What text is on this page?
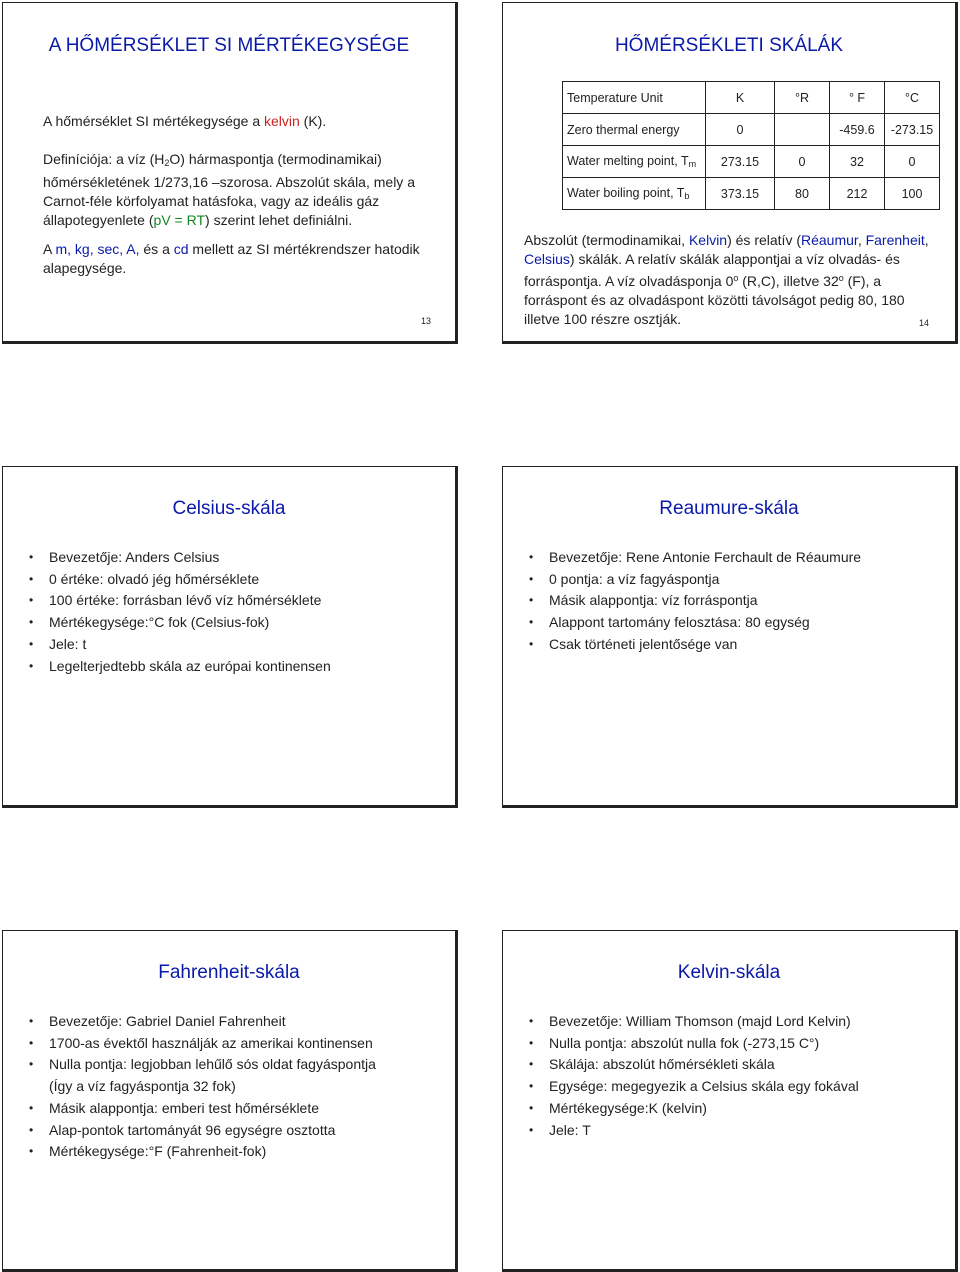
A HŐMÉRSÉKLET SI MÉRTÉKEGYSÉGE

A hőmérséklet SI mértékegysége a kelvin (K).

Definíciója: a víz $(H_2O)$ hármaspontja (termodinamikai) hőmérsékletének 1/273,16 –szorosa. Abszolút skála, mely a Carnot-féle körfolyamat hatásfoka, vagy az ideális gáz állapotegyenlete (pV = RT) szerint lehet definiálni.

A m, kg, sec, A, és a cd mellett az SI mértékrendszer hatodik alapegysége.

13
HŐMÉRSÉKLETI SKÁLÁK
Temperature Unit	K	°R	° F	°C
Zero thermal energy	0		-459.6	-273.15
Water melting point, $T_m$	273.15	0	32	0
Water boiling point, $T_b$	373.15	80	212	100

Abszolút (termodinamikai, Kelvin) és relatív (Réaumur, Farenheit, Celsius) skálák. A relatív skálák alappontjai a víz olvadás- és forráspontja. A víz olvadásponja 0$^o$ (R,C), illetve 32$^o$ (F), a forráspont és az olvadáspont közötti távolságot pedig 80, 180 illetve 100 részre osztják.	14
Celsius-skála
• Bevezetője: Anders Celsius
• 0 értéke: olvadó jég hőmérséklete
• 100 értéke: forrásban lévő víz hőmérséklete
• Mértékegysége:°C fok (Celsius-fok)
• Jele: t
• Legelterjedtebb skála az európai kontinensen
Reaumure-skála
• Bevezetője: Rene Antonie Ferchault de Réaumure
• 0 pontja: a víz fagyáspontja
• Másik alappontja: víz forráspontja
• Alappont tartomány felosztása: 80 egység
• Csak történeti jelentősége van
Fahrenheit-skála
• Bevezetője: Gabriel Daniel Fahrenheit
• 1700-as évektől használják az amerikai kontinensen
• Nulla pontja: legjobban lehűlő sós oldat fagyáspontja
(Így a víz fagyáspontja 32 fok)
• Másik alappontja: emberi test hőmérséklete
• Alap-pontok tartományát 96 egységre osztotta
• Mértékegysége:°F (Fahrenheit-fok)
Kelvin-skála
• Bevezetője: William Thomson (majd Lord Kelvin)
• Nulla pontja: abszolút nulla fok (-273,15 C°)
• Skálája: abszolút hőmérsékleti skála
• Egysége: megegyezik a Celsius skála egy fokával
• Mértékegysége:K (kelvin)
• Jele: T
